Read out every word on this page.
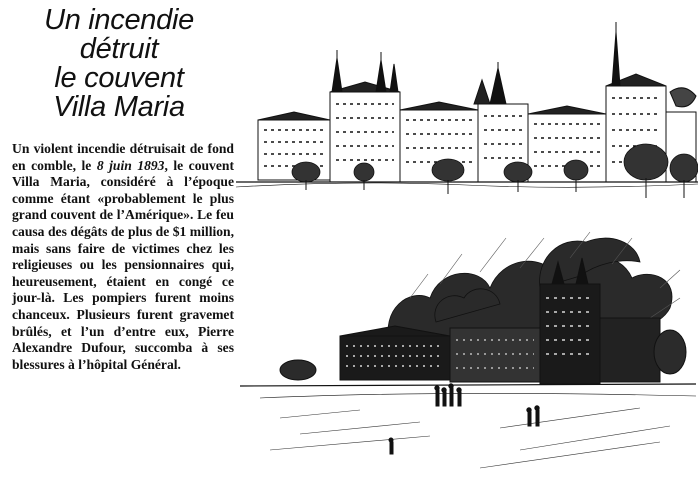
Un incendie
détruit
le couvent
Villa Maria

Un violent incendie détruisait de fond en comble, le 8 juin 1893, le couvent Villa Maria, considéré à l’époque comme étant «probablement le plus grand couvent de l’Amérique». Le feu causa des dégâts de plus de $1 million, mais sans faire de victimes chez les religieuses ou les pensionnaires qui, heureusement, étaient en congé ce jour-là. Les pompiers furent moins chanceux. Plusieurs furent gravemet brûlés, et l’un d’entre eux, Pierre Alexandre Dufour, succomba à ses blessures à l’hôpital Général.
